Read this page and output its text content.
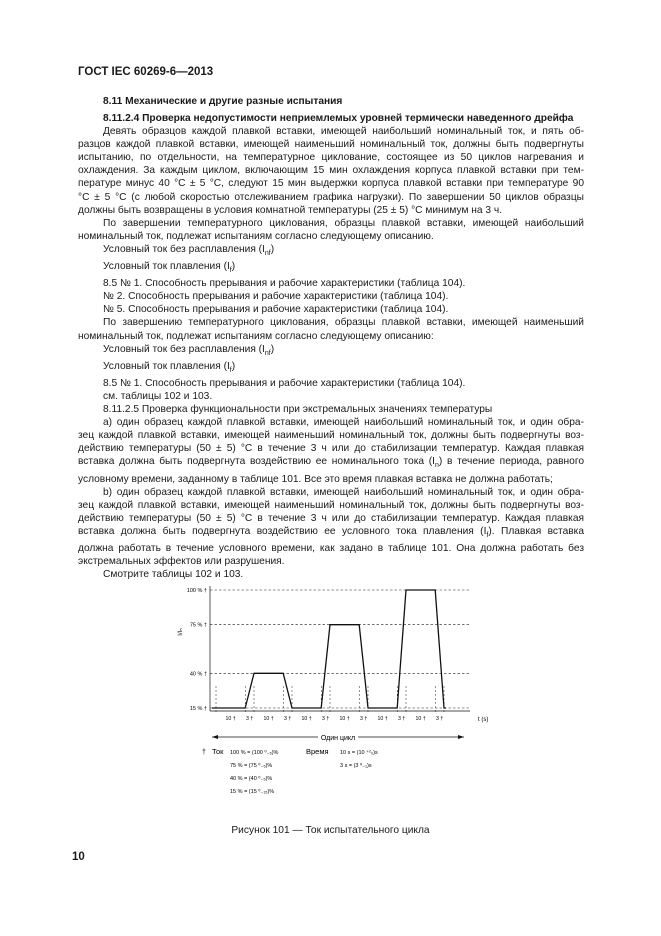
ГОСТ IEC 60269-6—2013
8.11 Механические и другие разные испытания

8.11.2.4 Проверка недопустимости неприемлемых уровней термически наведенного дрейфа

Девять образцов каждой плавкой вставки, имеющей наибольший номинальный ток, и пять об-

разцов каждой плавкой вставки, имеющей наименьший номинальный ток, должны быть подвергнуты

испытанию, по отдельности, на температурное циклование, состоящее из 50 циклов нагревания и

охлаждения. За каждым циклом, включающим 15 мин охлаждения корпуса плавкой вставки при тем-

пературе минус 40 °C ± 5 °C, следуют 15 мин выдержки корпуса плавкой вставки при температуре 90

°C ± 5 °C (с любой скоростью отслеживанием графика нагрузки). По завершении 50 циклов образцы

должны быть возвращены в условия комнатной температуры (25 ± 5) °C минимум на 3 ч.

По завершении температурного циклования, образцы плавкой вставки, имеющей наибольший

номинальный ток, подлежат испытаниям согласно следующему описанию.

Условный ток без расплавления $(I_{nf})$

Условный ток плавления $(I_f)$

8.5 № 1. Способность прерывания и рабочие характеристики (таблица 104).

№ 2. Способность прерывания и рабочие характеристики (таблица 104).

№ 5. Способность прерывания и рабочие характеристики (таблица 104).

По завершению температурного циклования, образцы плавкой вставки, имеющей наименьший

номинальный ток, подлежат испытаниям согласно следующему описанию:

Условный ток без расплавления $(I_{nf})$

Условный ток плавления $(I_f)$

8.5 № 1. Способность прерывания и рабочие характеристики (таблица 104).

см. таблицы 102 и 103.

8.11.2.5 Проверка функциональности при экстремальных значениях температуры

а) один образец каждой плавкой вставки, имеющей наибольший номинальный ток, и один обра-

зец каждой плавкой вставки, имеющей наименьший номинальный ток, должны быть подвергнуты воз-

действию температуры (50 ± 5) °C в течение 3 ч или до стабилизации температур. Каждая плавкая

вставка должна быть подвергнута воздействию ее номинального тока $(I_n)$ в течение периода, равного

условному времени, заданному в таблице 101. Все это время плавкая вставка не должна работать;

b) один образец каждой плавкой вставки, имеющей наибольший номинальный ток, и один обра-

зец каждой плавкой вставки, имеющей наименьший номинальный ток, должны быть подвергнуты воз-

действию температуры (50 ± 5) °C в течение 3 ч или до стабилизации температур. Каждая плавкая

вставка должна быть подвергнута воздействию ее условного тока плавления $(I_f)$. Плавкая вставка

должна работать в течение условного времени, как задано в таблице 101. Она должна работать без

экстремальных эффектов или разрушения.

Смотрите таблицы 102 и 103.

15 % †
40 % †
75 % †
100 % †
10 † 3 † 10 † 3 † 10 † 3 † 10 † 3 † 10 † 3 † 10 † 3 †
I/Iₙ
t (s)
Один цикл
† Ток	Время
100 % = (100 ⁰₋₅)%
75 % = (75 ⁰₋₅)%
40 % = (40 ⁰₋₅)%
15 % = (15 ⁰₋₁₅)%
10 s = (10 ⁺²₀)s
3 s = (3 ⁰₋₁)s
Рисунок 101 — Ток испытательного цикла
10
